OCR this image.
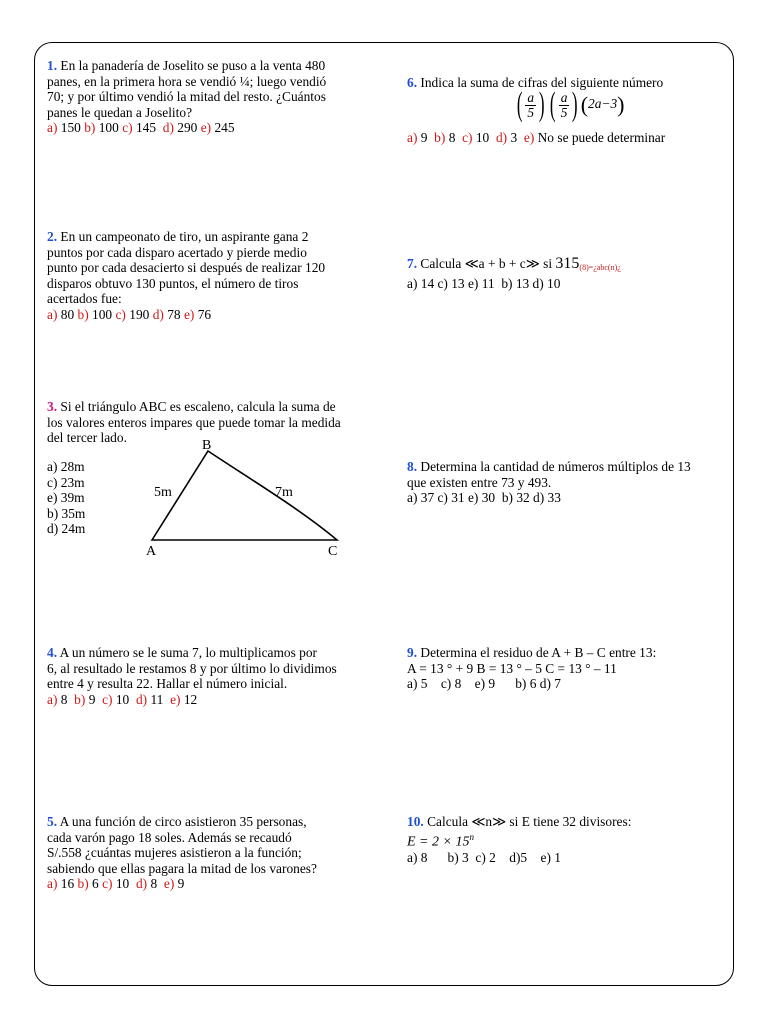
1. En la panadería de Joselito se puso a la venta 480

panes, en la primera hora se vendió ¼; luego vendió

70; y por último vendió la mitad del resto. ¿Cuántos

panes le quedan a Joselito?

a) 150 b) 100 c) 145 d) 290 e) 245

2. En un campeonato de tiro, un aspirante gana 2

puntos por cada disparo acertado y pierde medio

punto por cada desacierto si después de realizar 120

disparos obtuvo 130 puntos, el número de tiros

acertados fue:

a) 80 b) 100 c) 190 d) 78 e) 76

3. Si el triángulo ABC es escaleno, calcula la suma de

los valores enteros impares que puede tomar la medida

del tercer lado.

a) 28m

c) 23m

e) 39m

b) 35m

d) 24m

B
A	C
5m	7m

4. A un número se le suma 7, lo multiplicamos por

6, al resultado le restamos 8 y por último lo dividimos

entre 4 y resulta 22. Hallar el número inicial.

a) 8 b) 9 c) 10 d) 11 e) 12

5. A una función de circo asistieron 35 personas,

cada varón pago 18 soles. Además se recaudó

S/.558 ¿cuántas mujeres asistieron a la función;

sabiendo que ellas pagara la mitad de los varones?

a) 16 b) 6 c) 10 d) 8 e) 9

6. Indica la suma de cifras del siguiente número

( $\frac{a}{5}$ ) ( $\frac{a}{5}$ ) (2a−3)

a) 9 b) 8 c) 10 d) 3 e) No se puede determinar

7. Calcula ≪a + b + c≫ si 315(8)=¿abc(n)¿

a) 14 c) 13 e) 11  b) 13 d) 10

8. Determina la cantidad de números múltiplos de 13

que existen entre 73 y 493.

a) 37 c) 31 e) 30  b) 32 d) 33

9. Determina el residuo de A + B – C entre 13:

A = 13 ° + 9 B = 13 ° – 5 C = 13 ° – 11

a) 5    c) 8    e) 9      b) 6 d) 7

10. Calcula ≪n≫ si E tiene 32 divisores:

$E = 2 \times 15^n$

a) 8      b) 3  c) 2    d)5    e) 1
